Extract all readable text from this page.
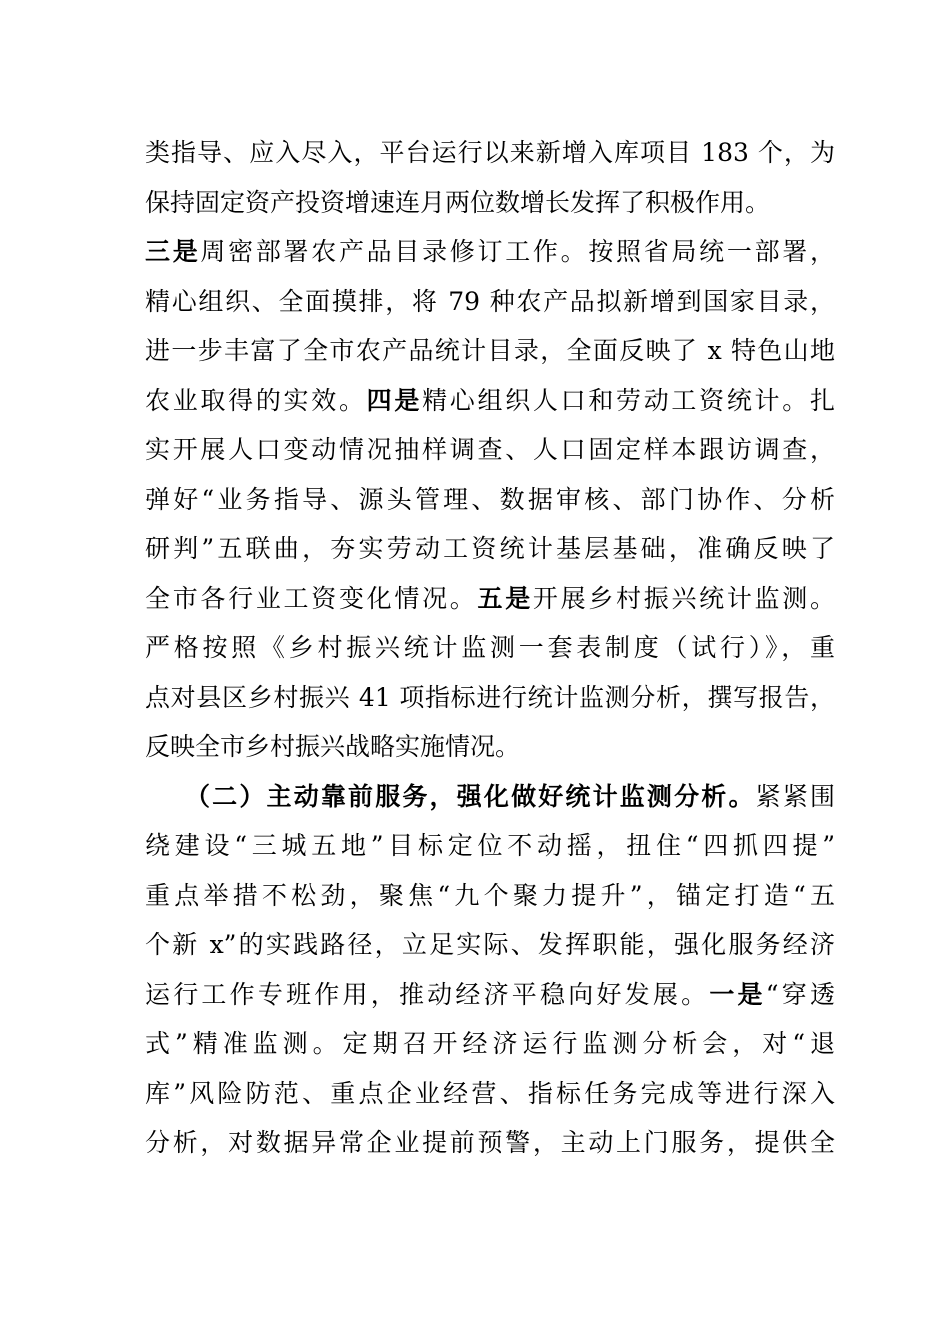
类指导、应入尽入，平台运行以来新增入库项目 183 个，为
保持固定资产投资增速连月两位数增长发挥了积极作用。
三是周密部署农产品目录修订工作。按照省局统一部署，
精心组织、全面摸排，将 79 种农产品拟新增到国家目录，
进一步丰富了全市农产品统计目录，全面反映了 x 特色山地
农业取得的实效。四是精心组织人口和劳动工资统计。扎
实开展人口变动情况抽样调查、人口固定样本跟访调查，
弹好“业务指导、源头管理、数据审核、部门协作、分析
研判”五联曲，夯实劳动工资统计基层基础，准确反映了
全市各行业工资变化情况。五是开展乡村振兴统计监测。
严格按照《乡村振兴统计监测一套表制度（试行）》，重
点对县区乡村振兴 41 项指标进行统计监测分析，撰写报告，
反映全市乡村振兴战略实施情况。
（二）主动靠前服务，强化做好统计监测分析。紧紧围
绕建设“三城五地”目标定位不动摇，扭住“四抓四提”
重点举措不松劲，聚焦“九个聚力提升”，锚定打造“五
个新 x”的实践路径，立足实际、发挥职能，强化服务经济
运行工作专班作用，推动经济平稳向好发展。一是“穿透
式”精准监测。定期召开经济运行监测分析会，对“退
库”风险防范、重点企业经营、指标任务完成等进行深入
分析，对数据异常企业提前预警，主动上门服务，提供全
